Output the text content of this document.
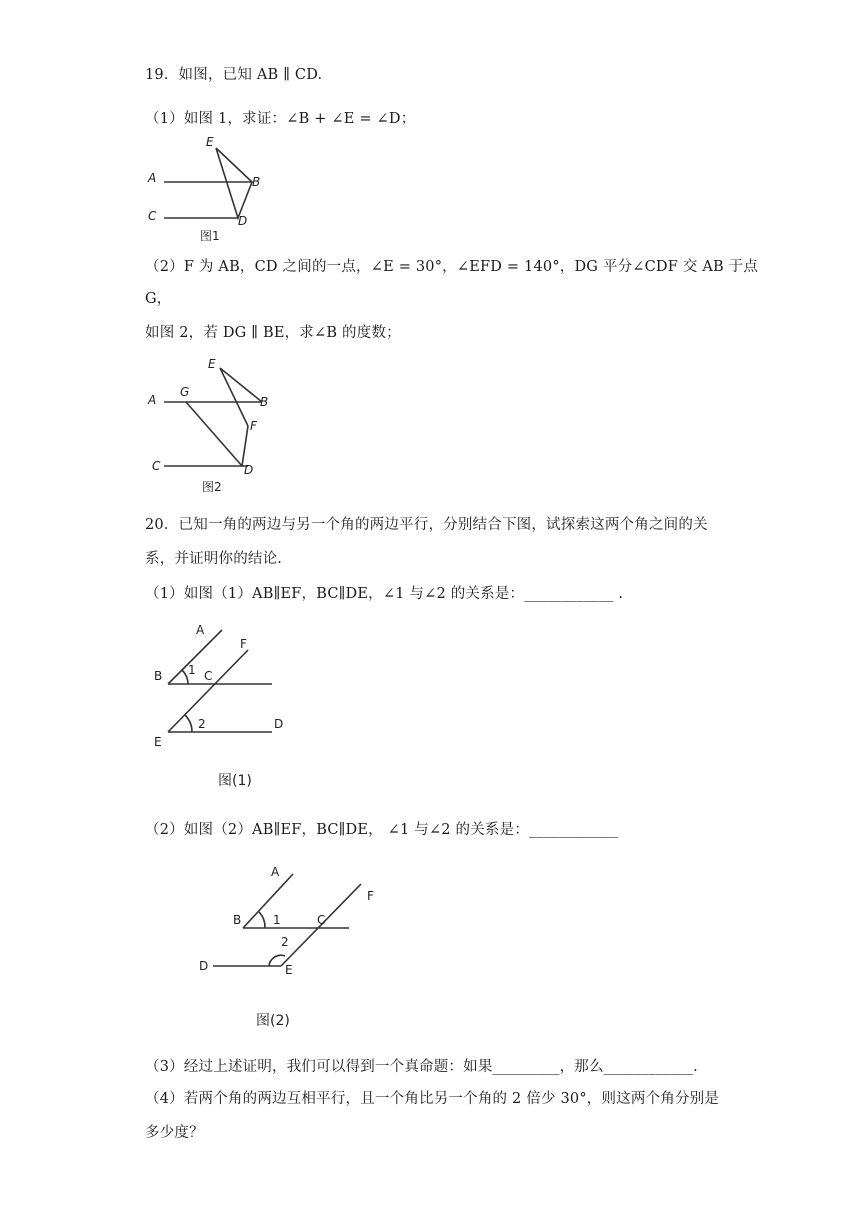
19．如图，已知 AB ∥ CD.
（1）如图 1，求证：∠B + ∠E = ∠D；
E
A	B
C	D
图1
（2）F 为 AB，CD 之间的一点，∠E = 30°，∠EFD = 140°，DG 平分∠CDF 交 AB 于点
G，
如图 2，若 DG ∥ BE，求∠B 的度数；
E
A
G
B
F
C	D
图2
20．已知一角的两边与另一个角的两边平行，分别结合下图，试探索这两个角之间的关
系，并证明你的结论.
（1）如图（1）AB∥EF，BC∥DE，∠1 与∠2 的关系是：____________ .
A
F
B 1 C
2
E
D
图(1)
（2）如图（2）AB∥EF，BC∥DE， ∠1 与∠2 的关系是：____________
A
F
B	1	C
2
D	E
图(2)
（3）经过上述证明，我们可以得到一个真命题：如果_________，那么____________.
（4）若两个角的两边互相平行，且一个角比另一个角的 2 倍少 30°，则这两个角分别是
多少度？
